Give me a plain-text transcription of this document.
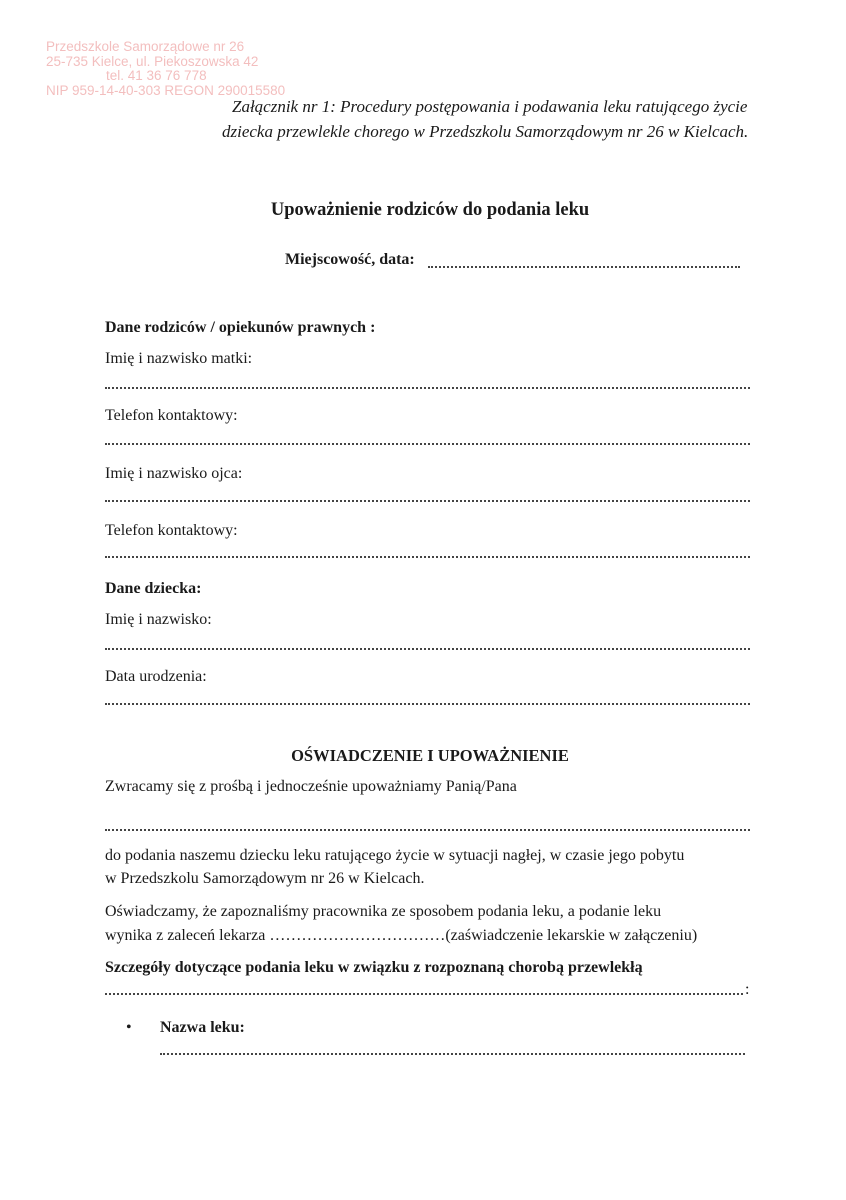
Przedszkole Samorządowe nr 26
25-735 Kielce, ul. Piekoszowska 42
tel. 41 36 76 778
NIP 959-14-40-303 REGON 290015580
Załącznik nr 1: Procedury postępowania i podawania leku ratującego życie
dziecka przewlekle chorego w Przedszkolu Samorządowym nr 26 w Kielcach.
Upoważnienie rodziców do podania leku
Miejscowość, data:
Dane rodziców / opiekunów prawnych :
Imię i nazwisko matki:
Telefon kontaktowy:
Imię i nazwisko ojca:
Telefon kontaktowy:
Dane dziecka:
Imię i nazwisko:
Data urodzenia:
OŚWIADCZENIE I UPOWAŻNIENIE
Zwracamy się z prośbą i jednocześnie upoważniamy Panią/Pana
do podania naszemu dziecku leku ratującego życie w sytuacji nagłej, w czasie jego pobytu
w Przedszkolu Samorządowym nr 26 w Kielcach.
Oświadczamy, że zapoznaliśmy pracownika ze sposobem podania leku, a podanie leku
wynika z zaleceń lekarza ……………………………(zaświadczenie lekarskie w załączeniu)
Szczegóły dotyczące podania leku w związku z rozpoznaną chorobą przewlekłą
:
• Nazwa leku:
